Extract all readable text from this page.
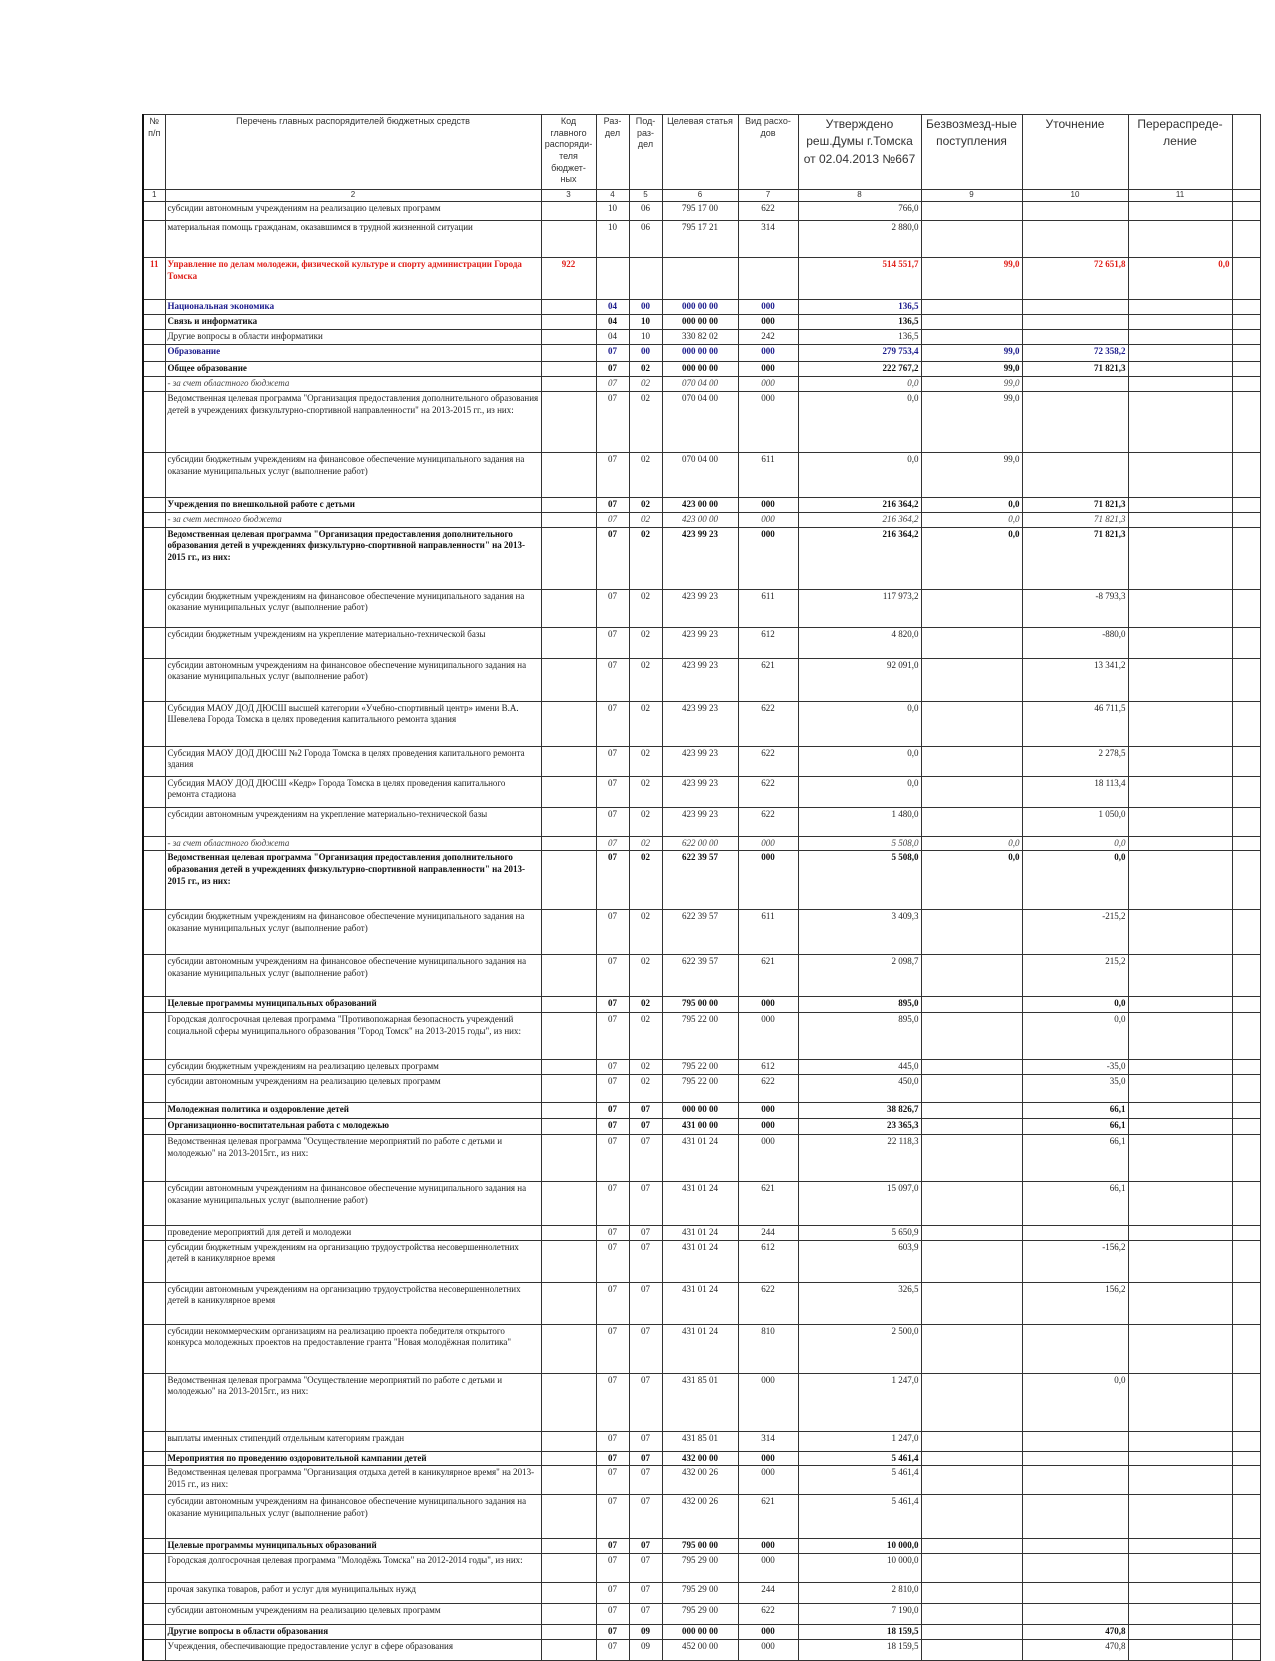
№ п/п	Перечень главных распорядителей бюджетных средств	Код главного распоряди-теля бюджет-ных	Раз-дел	Под-раз-дел	Целевая статья	Вид расхо-дов	Утверждено реш.Думы г.Томска от 02.04.2013 №667	Безвозмезд-ные поступления	Уточнение	Перераспреде-ление	
1	2	3	4	5	6	7	8	9	10	11	
	субсидии автономным учреждениям на реализацию целевых программ		10	06	795 17 00	622	766,0				
	материальная помощь гражданам, оказавшимся в трудной жизненной ситуации		10	06	795 17 21	314	2 880,0				
11	Управление по делам молодежи, физической культуре и спорту администрации Города Томска	922					514 551,7	99,0	72 651,8	0,0	
	Национальная экономика		04	00	000 00 00	000	136,5				
	Связь и информатика		04	10	000 00 00	000	136,5				
	Другие вопросы в области информатики		04	10	330 82 02	242	136,5				
	Образование		07	00	000 00 00	000	279 753,4	99,0	72 358,2		
	Общее образование		07	02	000 00 00	000	222 767,2	99,0	71 821,3		
	- за счет областного бюджета		07	02	070 04 00	000	0,0	99,0			
	Ведомственная целевая программа "Организация предоставления дополнительного образования детей в учреждениях физкультурно-спортивной направленности" на 2013-2015 гг., из них:		07	02	070 04 00	000	0,0	99,0			
	субсидии бюджетным учреждениям на финансовое обеспечение муниципального задания на оказание муниципальных услуг (выполнение работ)		07	02	070 04 00	611	0,0	99,0			
	Учреждения по внешкольной работе с детьми		07	02	423 00 00	000	216 364,2	0,0	71 821,3		
	- за счет местного бюджета		07	02	423 00 00	000	216 364,2	0,0	71 821,3		
	Ведомственная целевая программа "Организация предоставления дополнительного образования детей в учреждениях физкультурно-спортивной направленности" на 2013-2015 гг., из них:		07	02	423 99 23	000	216 364,2	0,0	71 821,3		
	субсидии бюджетным учреждениям на финансовое обеспечение муниципального задания на оказание муниципальных услуг (выполнение работ)		07	02	423 99 23	611	117 973,2		-8 793,3		
	субсидии бюджетным учреждениям на укрепление материально-технической базы		07	02	423 99 23	612	4 820,0		-880,0		
	субсидии автономным учреждениям на финансовое обеспечение муниципального задания на оказание муниципальных услуг (выполнение работ)		07	02	423 99 23	621	92 091,0		13 341,2		
	Субсидия МАОУ ДОД ДЮСШ высшей категории «Учебно-спортивный центр» имени В.А. Шевелева Города Томска в целях проведения капитального ремонта здания		07	02	423 99 23	622	0,0		46 711,5		
	Субсидия МАОУ ДОД ДЮСШ №2 Города Томска в целях проведения капитального ремонта здания		07	02	423 99 23	622	0,0		2 278,5		
	Субсидия МАОУ ДОД ДЮСШ «Кедр» Города Томска в целях проведения капитального ремонта стадиона		07	02	423 99 23	622	0,0		18 113,4		
	субсидии автономным учреждениям на укрепление материально-технической базы		07	02	423 99 23	622	1 480,0		1 050,0		
	- за счет областного бюджета		07	02	622 00 00	000	5 508,0	0,0	0,0		
	Ведомственная целевая программа "Организация предоставления дополнительного образования детей в учреждениях физкультурно-спортивной направленности" на 2013-2015 гг., из них:		07	02	622 39 57	000	5 508,0	0,0	0,0		
	субсидии бюджетным учреждениям на финансовое обеспечение муниципального задания на оказание муниципальных услуг (выполнение работ)		07	02	622 39 57	611	3 409,3		-215,2		
	субсидии автономным учреждениям на финансовое обеспечение муниципального задания на оказание муниципальных услуг (выполнение работ)		07	02	622 39 57	621	2 098,7		215,2		
	Целевые программы муниципальных образований		07	02	795 00 00	000	895,0		0,0		
	Городская долгосрочная целевая программа "Противопожарная безопасность учреждений социальной сферы муниципального образования "Город Томск" на 2013-2015 годы", из них:		07	02	795 22 00	000	895,0		0,0		
	субсидии бюджетным учреждениям на реализацию целевых программ		07	02	795 22 00	612	445,0		-35,0		
	субсидии автономным учреждениям на реализацию целевых программ		07	02	795 22 00	622	450,0		35,0		
	Молодежная политика и оздоровление детей		07	07	000 00 00	000	38 826,7		66,1		
	Организационно-воспитательная работа с молодежью		07	07	431 00 00	000	23 365,3		66,1		
	Ведомственная целевая программа "Осуществление мероприятий по работе с детьми и молодежью" на 2013-2015гг., из них:		07	07	431 01 24	000	22 118,3		66,1		
	субсидии автономным учреждениям на финансовое обеспечение муниципального задания на оказание муниципальных услуг (выполнение работ)		07	07	431 01 24	621	15 097,0		66,1		
	проведение мероприятий для детей и молодежи		07	07	431 01 24	244	5 650,9				
	субсидии бюджетным учреждениям на организацию трудоустройства несовершеннолетних детей в каникулярное время		07	07	431 01 24	612	603,9		-156,2		
	субсидии автономным учреждениям на организацию трудоустройства несовершеннолетних детей в каникулярное время		07	07	431 01 24	622	326,5		156,2		
	субсидии некоммерческим организациям на реализацию проекта победителя открытого конкурса молодежных проектов на предоставление гранта "Новая молодёжная политика"		07	07	431 01 24	810	2 500,0				
	Ведомственная целевая программа "Осуществление мероприятий по работе с детьми и молодежью" на 2013-2015гг., из них:		07	07	431 85 01	000	1 247,0		0,0		
	выплаты именных стипендий отдельным категориям граждан		07	07	431 85 01	314	1 247,0				
	Мероприятия по проведению оздоровительной кампании детей		07	07	432 00 00	000	5 461,4				
	Ведомственная целевая программа "Организация отдыха детей в каникулярное время" на 2013-2015 гг., из них:		07	07	432 00 26	000	5 461,4				
	субсидии автономным учреждениям на финансовое обеспечение муниципального задания на оказание муниципальных услуг (выполнение работ)		07	07	432 00 26	621	5 461,4				
	Целевые программы муниципальных образований		07	07	795 00 00	000	10 000,0				
	Городская долгосрочная целевая программа "Молодёжь Томска" на 2012-2014 годы", из них:		07	07	795 29 00	000	10 000,0				
	прочая закупка товаров, работ и услуг для муниципальных нужд		07	07	795 29 00	244	2 810,0				
	субсидии автономным учреждениям на реализацию целевых программ		07	07	795 29 00	622	7 190,0				
	Другие вопросы в области образования		07	09	000 00 00	000	18 159,5		470,8		
	Учреждения, обеспечивающие предоставление услуг в сфере образования		07	09	452 00 00	000	18 159,5		470,8		
